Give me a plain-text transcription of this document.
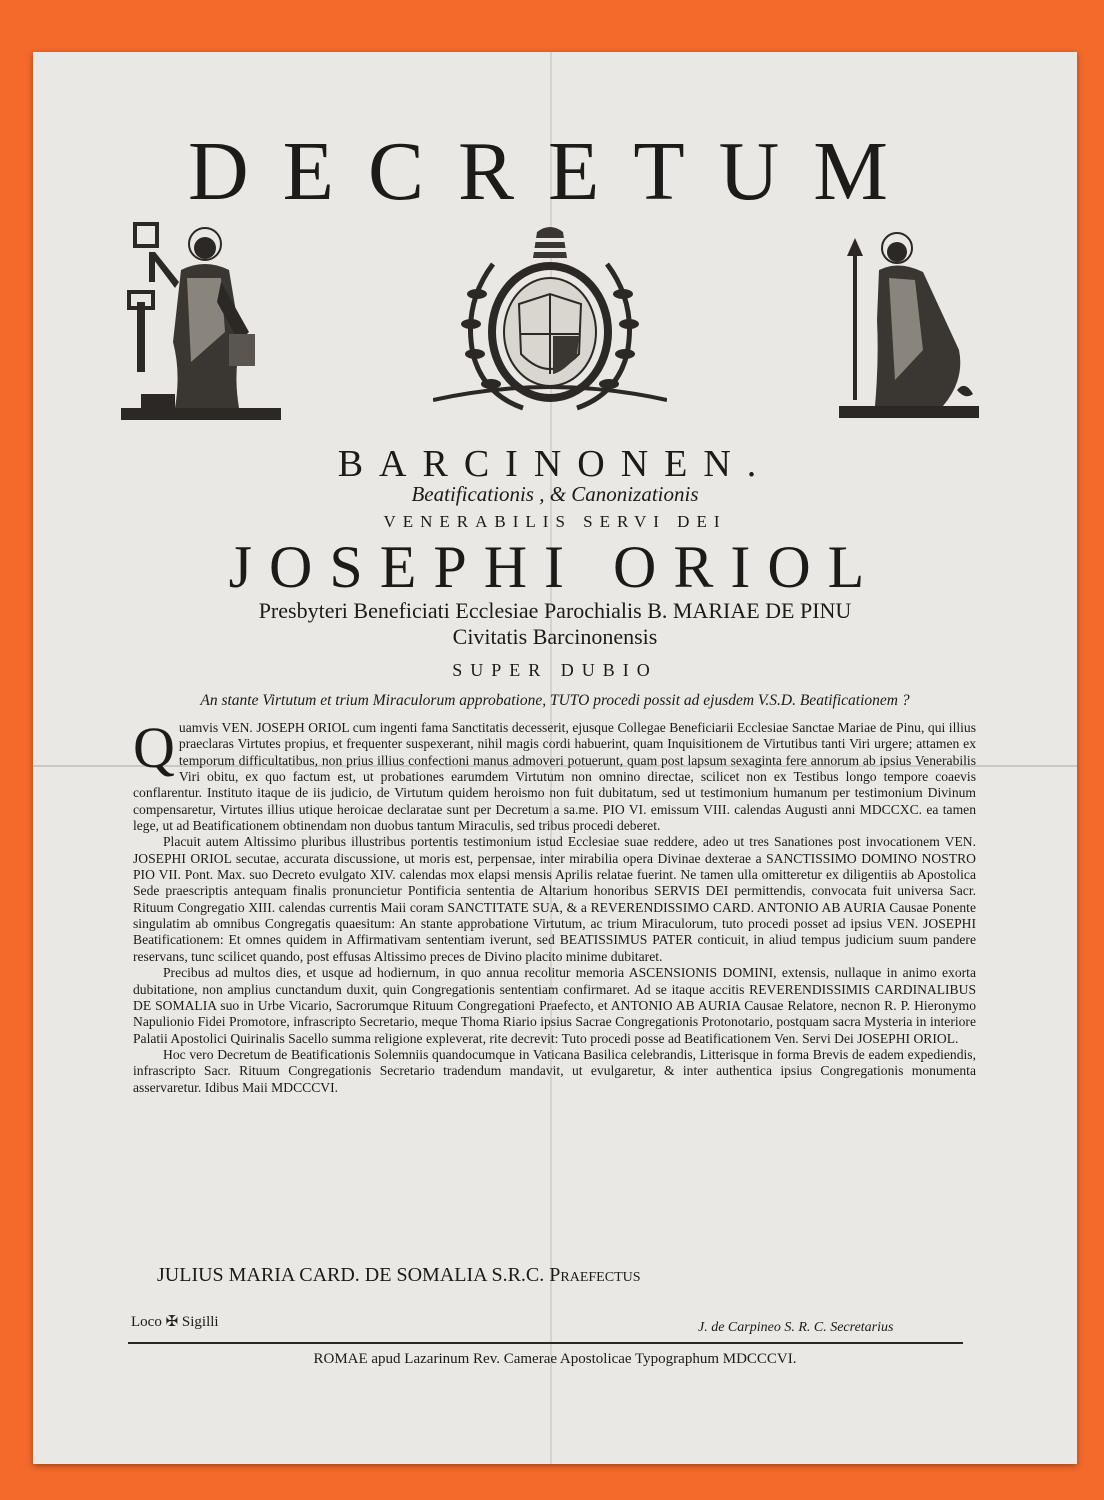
DECRETUM
BARCINONEN.
Beatificationis , & Canonizationis
VENERABILIS SERVI DEI
JOSEPHI ORIOL
Presbyteri Beneficiati Ecclesiae Parochialis B. MARIAE DE PINU
Civitatis Barcinonensis
SUPER DUBIO
An stante Virtutum et trium Miraculorum approbatione, TUTO procedi possit ad ejusdem V.S.D. Beatificationem ?

Quamvis VEN. JOSEPH ORIOL cum ingenti fama Sanctitatis decesserit, ejusque Collegae Beneficiarii Ecclesiae Sanctae Mariae de Pinu, qui illius praeclaras Virtutes propius, et frequenter suspexerant, nihil magis cordi habuerint, quam Inquisitionem de Virtutibus tanti Viri urgere; attamen ex temporum difficultatibus, non prius illius confectioni manus admoveri potuerunt, quam post lapsum sexaginta fere annorum ab ipsius Venerabilis Viri obitu, ex quo factum est, ut probationes earumdem Virtutum non omnino directae, scilicet non ex Testibus longo tempore coaevis conflarentur. Instituto itaque de iis judicio, de Virtutum quidem heroismo non fuit dubitatum, sed ut testimonium humanum per testimonium Divinum compensaretur, Virtutes illius utique heroicae declaratae sunt per Decretum a sa.me. PIO VI. emissum VIII. calendas Augusti anni MDCCXC. ea tamen lege, ut ad Beatificationem obtinendam non duobus tantum Miraculis, sed tribus procedi deberet.

Placuit autem Altissimo pluribus illustribus portentis testimonium istud Ecclesiae suae reddere, adeo ut tres Sanationes post invocationem VEN. JOSEPHI ORIOL secutae, accurata discussione, ut moris est, perpensae, inter mirabilia opera Divinae dexterae a SANCTISSIMO DOMINO NOSTRO PIO VII. Pont. Max. suo Decreto evulgato XIV. calendas mox elapsi mensis Aprilis relatae fuerint. Ne tamen ulla omitteretur ex diligentiis ab Apostolica Sede praescriptis antequam finalis pronuncietur Pontificia sententia de Altarium honoribus SERVIS DEI permittendis, convocata fuit universa Sacr. Rituum Congregatio XIII. calendas currentis Maii coram SANCTITATE SUA, & a REVERENDISSIMO CARD. ANTONIO AB AURIA Causae Ponente singulatim ab omnibus Congregatis quaesitum: An stante approbatione Virtutum, ac trium Miraculorum, tuto procedi posset ad ipsius VEN. JOSEPHI Beatificationem: Et omnes quidem in Affirmativam sententiam iverunt, sed BEATISSIMUS PATER conticuit, in aliud tempus judicium suum pandere reservans, tunc scilicet quando, post effusas Altissimo preces de Divino placito minime dubitaret.

Precibus ad multos dies, et usque ad hodiernum, in quo annua recolitur memoria ASCENSIONIS DOMINI, extensis, nullaque in animo exorta dubitatione, non amplius cunctandum duxit, quin Congregationis sententiam confirmaret. Ad se itaque accitis REVERENDISSIMIS CARDINALIBUS DE SOMALIA suo in Urbe Vicario, Sacrorumque Rituum Congregationi Praefecto, et ANTONIO AB AURIA Causae Relatore, necnon R. P. Hieronymo Napulionio Fidei Promotore, infrascripto Secretario, meque Thoma Riario ipsius Sacrae Congregationis Protonotario, postquam sacra Mysteria in interiore Palatii Apostolici Quirinalis Sacello summa religione expleverat, rite decrevit: Tuto procedi posse ad Beatificationem Ven. Servi Dei JOSEPHI ORIOL.

Hoc vero Decretum de Beatificationis Solemniis quandocumque in Vaticana Basilica celebrandis, Litterisque in forma Brevis de eadem expediendis, infrascripto Sacr. Rituum Congregationis Secretario tradendum mandavit, ut evulgaretur, & inter authentica ipsius Congregationis monumenta asservaretur. Idibus Maii MDCCCVI.

JULIUS MARIA CARD. DE SOMALIA S.R.C. Praefectus
Loco ✠ Sigilli	J. de Carpineo S. R. C. Secretarius
ROMAE apud Lazarinum Rev. Camerae Apostolicae Typographum MDCCCVI.
